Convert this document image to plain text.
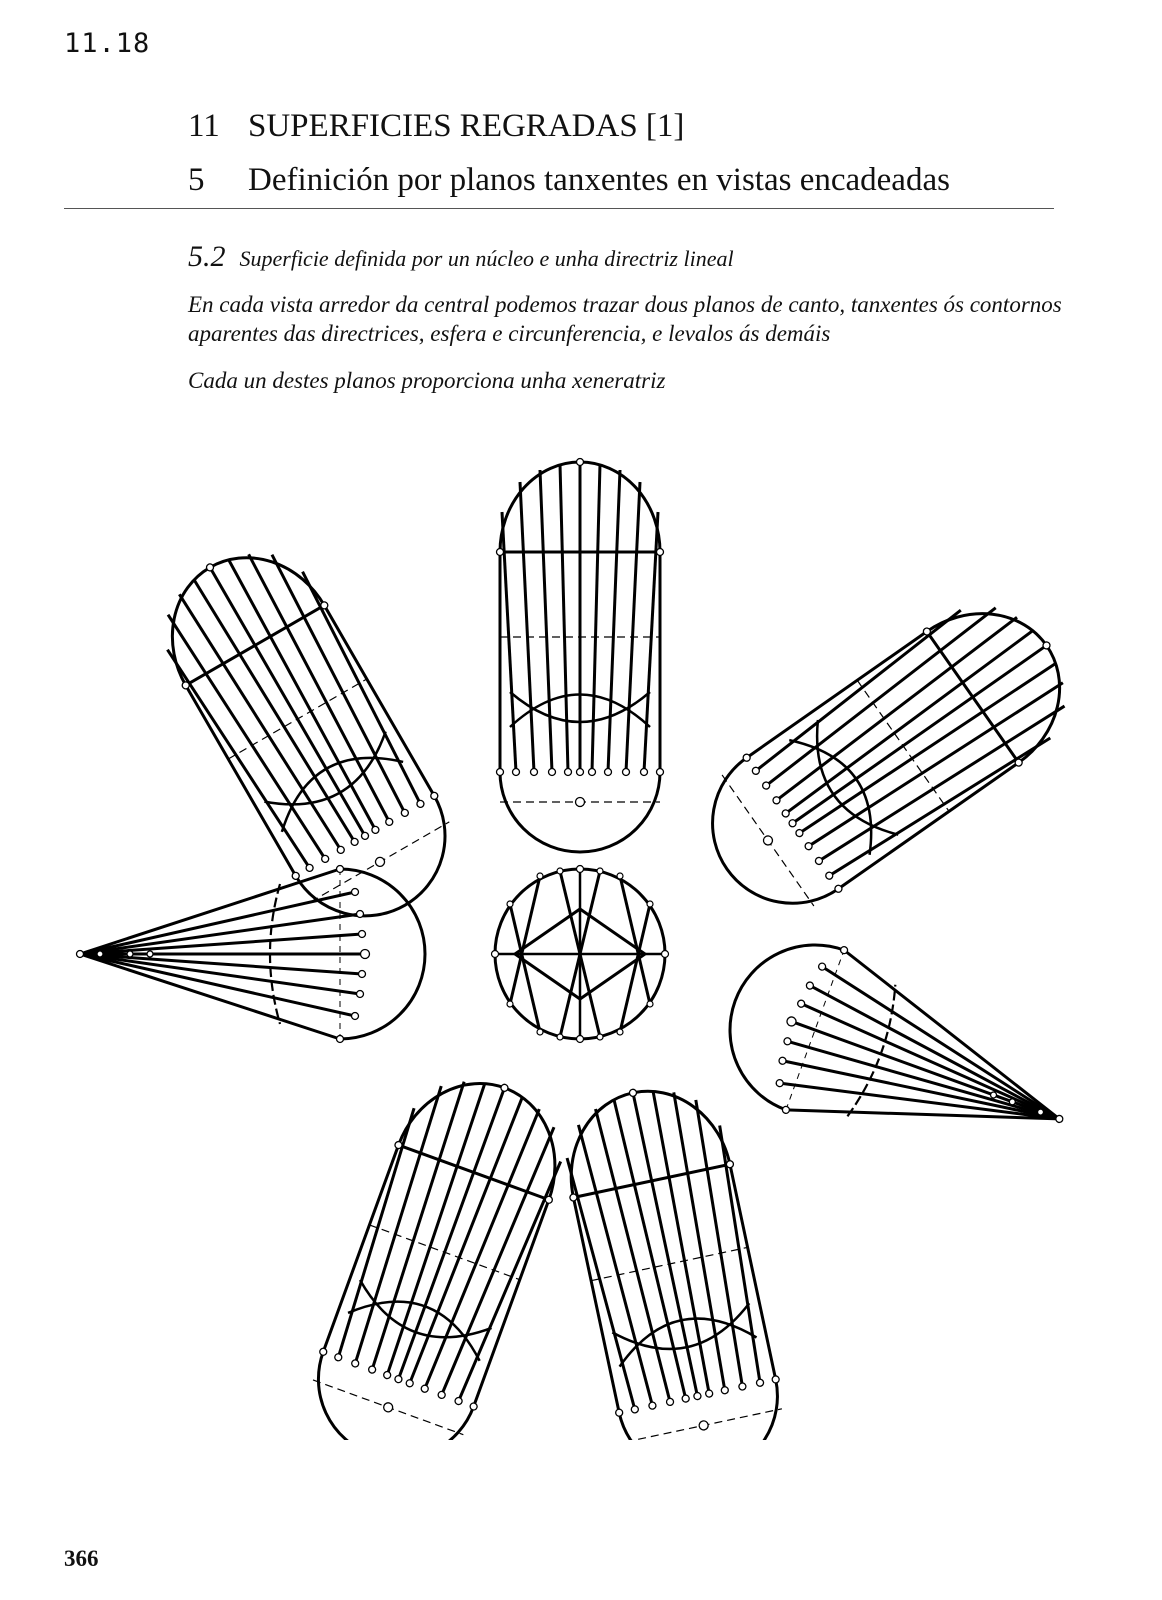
11.18
11 SUPERFICIES REGRADAS [1]
5 Definición por planos tanxentes en vistas encadeadas
5.2 Superficie definida por un núcleo e unha directriz lineal

En cada vista arredor da central podemos trazar dous planos de canto, tanxentes ós contornos aparentes das directrices, esfera e circunferencia, e levalos ás demáis

Cada un destes planos proporciona unha xeneratriz

366
